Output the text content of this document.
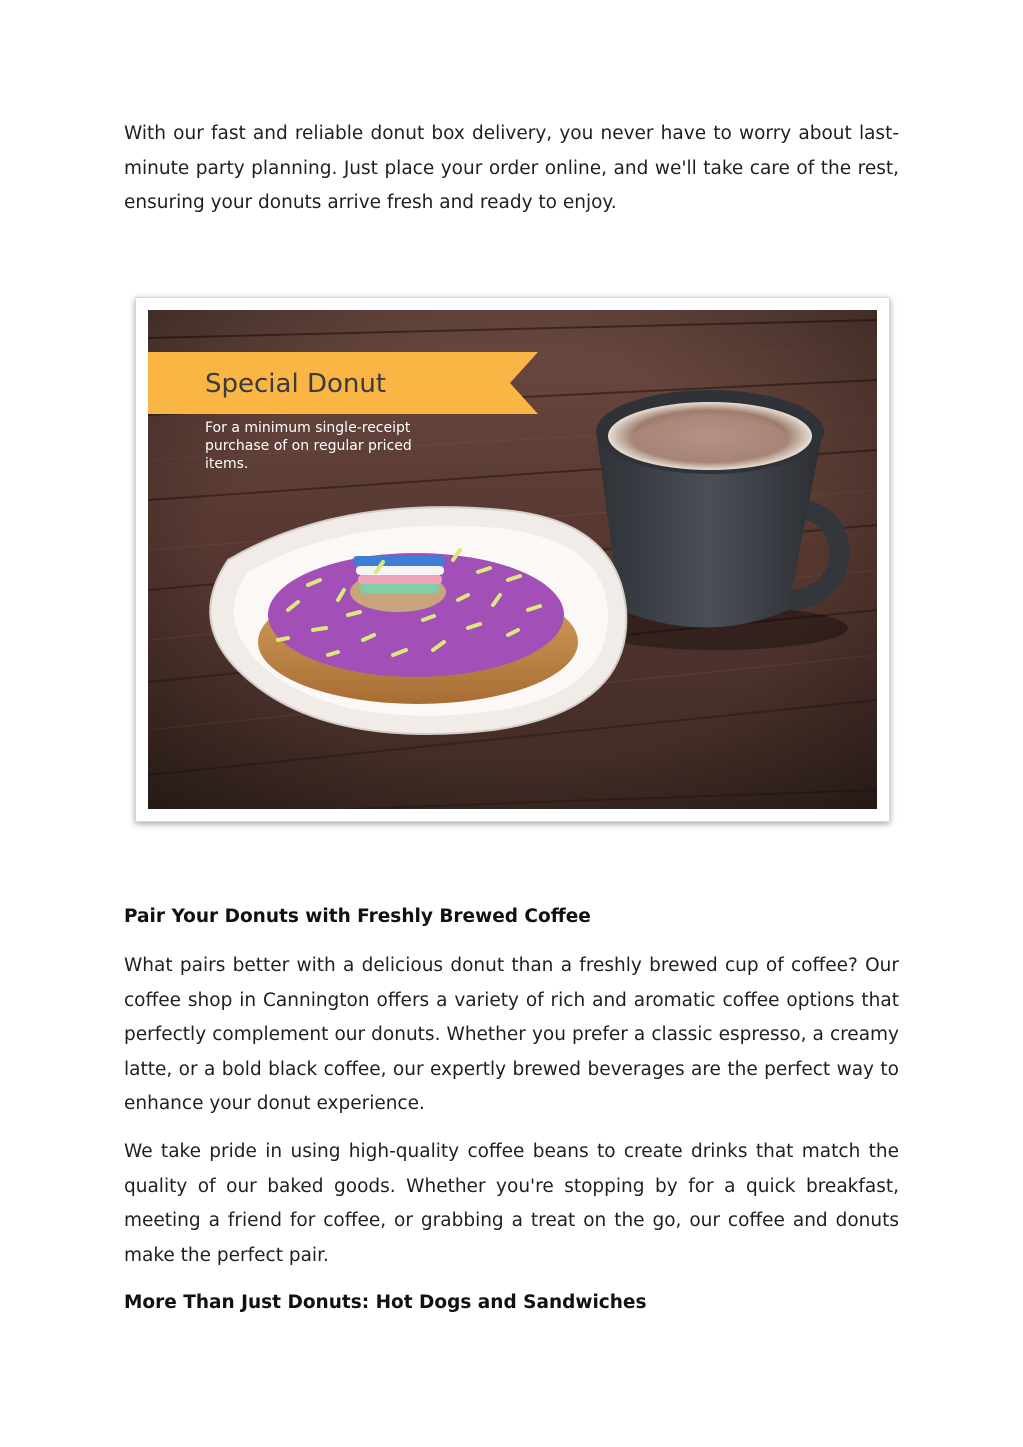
With our fast and reliable donut box delivery, you never have to worry about last-minute party planning. Just place your order online, and we'll take care of the rest, ensuring your donuts arrive fresh and ready to enjoy.

Special Donut
For a minimum single-receipt
purchase of on regular priced
items.
Pair Your Donuts with Freshly Brewed Coffee

What pairs better with a delicious donut than a freshly brewed cup of coffee? Our coffee shop in Cannington offers a variety of rich and aromatic coffee options that perfectly complement our donuts. Whether you prefer a classic espresso, a creamy latte, or a bold black coffee, our expertly brewed beverages are the perfect way to enhance your donut experience.

We take pride in using high-quality coffee beans to create drinks that match the quality of our baked goods. Whether you're stopping by for a quick breakfast, meeting a friend for coffee, or grabbing a treat on the go, our coffee and donuts make the perfect pair.

More Than Just Donuts: Hot Dogs and Sandwiches
